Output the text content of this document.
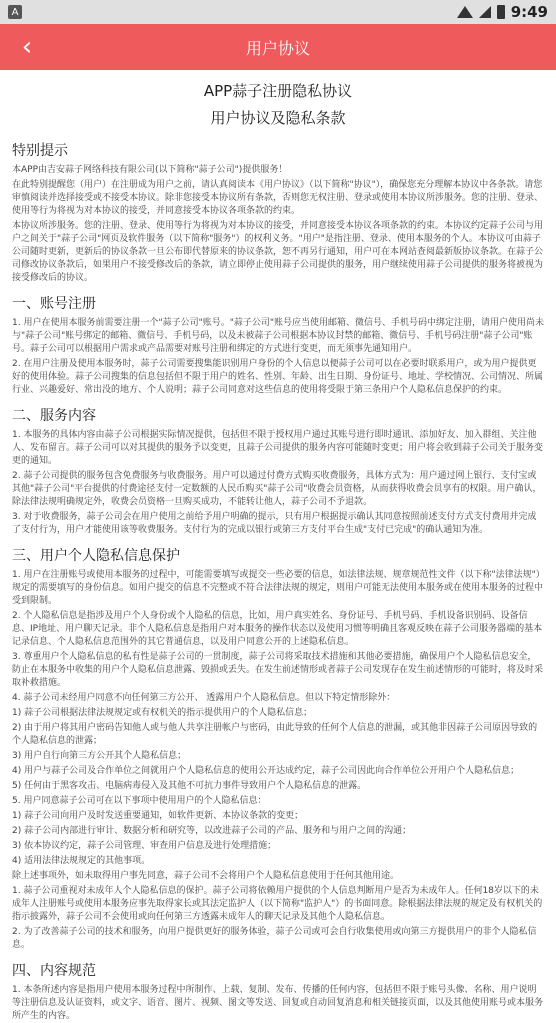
A	9:49
‹	用户协议
APP蒜子注册隐私协议
用户协议及隐私条款
特别提示

本APP由吉安蒜子网络科技有限公司(以下简称"蒜子公司")提供服务！

在此特别提醒您（用户）在注册成为用户之前，请认真阅读本《用户协议》（以下简称"协议"），确保您充分理解本协议中各条款。请您审慎阅读并选择接受或不接受本协议。除非您接受本协议所有条款，否则您无权注册、登录或使用本协议所涉服务。您的注册、登录、使用等行为将视为对本协议的接受，并同意接受本协议各项条款的约束。

本协议所涉服务。您的注册、登录、使用等行为将视为对本协议的接受，并同意接受本协议各项条款的约束。本协议约定蒜子公司与用户之间关于"蒜子公司"网页及软件服务（以下简称"服务"）的权利义务。"用户"是指注册、登录、使用本服务的个人。本协议可由蒜子公司随时更新，更新后的协议条款一旦公布即代替原来的协议条款，恕不再另行通知，用户可在本网站查阅最新版协议条款。在蒜子公司修改协议条款后，如果用户不接受修改后的条款，请立即停止使用蒜子公司提供的服务，用户继续使用蒜子公司提供的服务将被视为接受修改后的协议。

一、账号注册

1. 用户在使用本服务前需要注册一个"蒜子公司"账号。"蒜子公司"账号应当使用邮箱、微信号、手机号码中绑定注册，请用户使用尚未与"蒜子公司"账号绑定的邮箱、微信号、手机号码，以及未被蒜子公司根据本协议封禁的邮箱、微信号、手机号码注册"蒜子公司"账号。蒜子公司可以根据用户需求或产品需要对账号注册和绑定的方式进行变更，而无须事先通知用户。

2. 在用户注册及使用本服务时，蒜子公司需要搜集能识别用户身份的个人信息以便蒜子公司可以在必要时联系用户，或为用户提供更好的使用体验。蒜子公司搜集的信息包括但不限于用户的姓名、性别、年龄、出生日期、身份证号、地址、学校情况、公司情况、所属行业、兴趣爱好、常出没的地方、个人说明；蒜子公司同意对这些信息的使用将受限于第三条用户个人隐私信息保护的约束。

二、服务内容

1. 本服务的具体内容由蒜子公司根据实际情况提供，包括但不限于授权用户通过其账号进行即时通讯、添加好友、加入群组、关注他人、发布留言。蒜子公司可以对其提供的服务予以变更，且蒜子公司提供的服务内容可能随时变更；用户将会收到蒜子公司关于服务变更的通知。

2. 蒜子公司提供的服务包含免费服务与收费服务。用户可以通过付费方式购买收费服务，具体方式为：用户通过网上银行、支付宝或其他"蒜子公司"平台提供的付费途径支付一定数额的人民币购买"蒜子公司"收费会员资格，从而获得收费会员享有的权限。用户确认，除法律法规明确规定外，收费会员资格一旦购买成功，不能转让他人，蒜子公司不予退款。

3. 对于收费服务，蒜子公司会在用户使用之前给予用户明确的提示，只有用户根据提示确认其同意按照前述支付方式支付费用并完成了支付行为，用户才能使用该等收费服务。支付行为的完成以银行或第三方支付平台生成"支付已完成"的确认通知为准。

三、用户个人隐私信息保护

1. 用户在注册账号或使用本服务的过程中，可能需要填写或提交一些必要的信息，如法律法规、规章规范性文件（以下称"法律法规"）规定的需要填写的身份信息。如用户提交的信息不完整或不符合法律法规的规定，则用户可能无法使用本服务或在使用本服务的过程中受到限制。

2. 个人隐私信息是指涉及用户个人身份或个人隐私的信息，比如，用户真实姓名、身份证号、手机号码、手机设备识别码、设备信息、IP地址、用户聊天记录。非个人隐私信息是指用户对本服务的操作状态以及使用习惯等明确且客观反映在蒜子公司服务器端的基本记录信息、个人隐私信息范围外的其它普通信息，以及用户同意公开的上述隐私信息。

3. 尊重用户个人隐私信息的私有性是蒜子公司的一贯制度，蒜子公司将采取技术措施和其他必要措施，确保用户个人隐私信息安全，防止在本服务中收集的用户个人隐私信息泄露、毁损或丢失。在发生前述情形或者蒜子公司发现存在发生前述情形的可能时，将及时采取补救措施。

4. 蒜子公司未经用户同意不向任何第三方公开、 透露用户个人隐私信息。但以下特定情形除外：

1) 蒜子公司根据法律法规规定或有权机关的指示提供用户的个人隐私信息；

2) 由于用户将其用户密码告知他人或与他人共享注册帐户与密码，由此导致的任何个人信息的泄漏，或其他非因蒜子公司原因导致的个人隐私信息的泄露；

3) 用户自行向第三方公开其个人隐私信息；

4) 用户与蒜子公司及合作单位之间就用户个人隐私信息的使用公开达成约定，蒜子公司因此向合作单位公开用户个人隐私信息；

5) 任何由于黑客攻击、电脑病毒侵入及其他不可抗力事件导致用户个人隐私信息的泄露。

5. 用户同意蒜子公司可在以下事项中使用用户的个人隐私信息：

1) 蒜子公司向用户及时发送重要通知，如软件更新、本协议条款的变更；

2) 蒜子公司内部进行审计、数据分析和研究等，以改进蒜子公司的产品、服务和与用户之间的沟通；

3) 依本协议约定，蒜子公司管理、审查用户信息及进行处理措施；

4) 适用法律法规规定的其他事项。

除上述事项外，如未取得用户事先同意，蒜子公司不会将用户个人隐私信息使用于任何其他用途。

1. 蒜子公司重视对未成年人个人隐私信息的保护。蒜子公司将依赖用户提供的个人信息判断用户是否为未成年人。任何18岁以下的未成年人注册账号或使用本服务应事先取得家长或其法定监护人（以下简称"监护人"）的书面同意。除根据法律法规的规定及有权机关的指示披露外，蒜子公司不会使用或向任何第三方透露未成年人的聊天记录及其他个人隐私信息。

2. 为了改善蒜子公司的技术和服务，向用户提供更好的服务体验，蒜子公司或可会自行收集使用或向第三方提供用户的非个人隐私信息。

四、内容规范

1. 本条所述内容是指用户使用本服务过程中所制作、上载、复制、发布、传播的任何内容，包括但不限于账号头像、名称、用户说明等注册信息及认证资料，或文字、语音、图片、视频、图文等发送、回复或自动回复消息和相关链接页面，以及其他使用账号或本服务所产生的内容。
